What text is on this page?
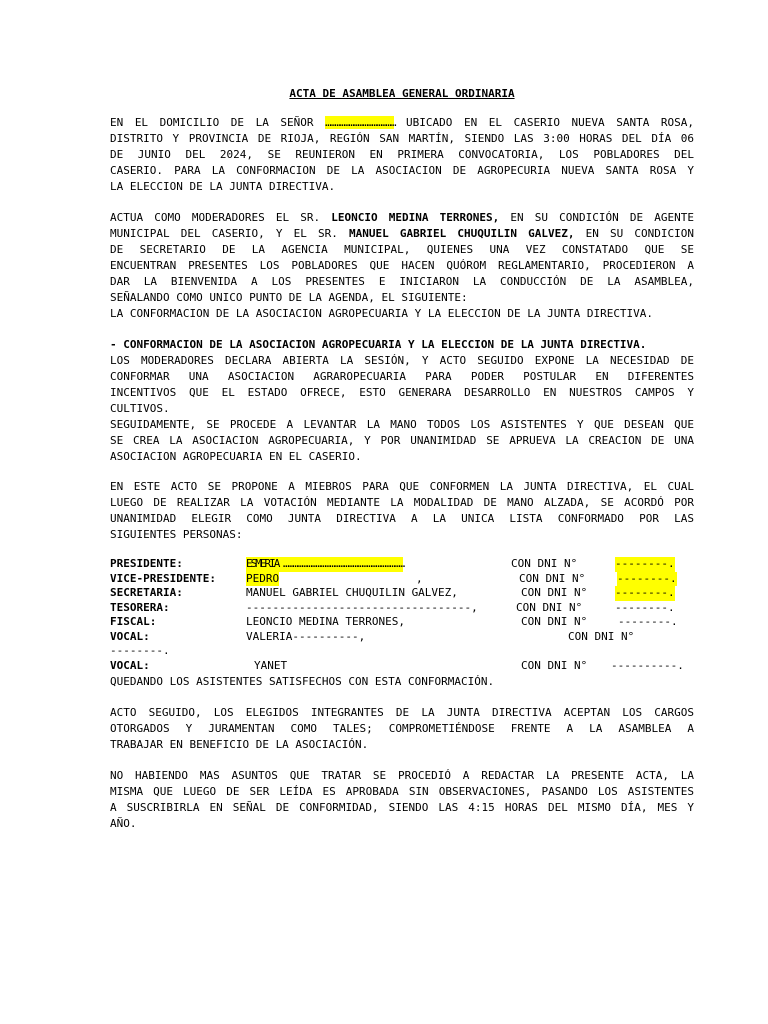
ACTA DE ASAMBLEA GENERAL ORDINARIA
EN EL DOMICILIO DE LA SEÑOR ……………………………………… UBICADO EN EL CASERIO NUEVA SANTA ROSA,
DISTRITO Y PROVINCIA DE RIOJA, REGIÓN SAN MARTÍN, SIENDO LAS 3:00 HORAS DEL DÍA 06
DE JUNIO DEL 2024, SE REUNIERON EN PRIMERA CONVOCATORIA, LOS POBLADORES DEL
CASERIO. PARA LA CONFORMACION DE LA ASOCIACION DE AGROPECURIA NUEVA SANTA ROSA Y
LA ELECCION DE LA JUNTA DIRECTIVA.
ACTUA COMO MODERADORES EL SR. LEONCIO MEDINA TERRONES, EN SU CONDICIÓN DE AGENTE
MUNICIPAL DEL CASERIO, Y EL SR. MANUEL GABRIEL CHUQUILIN GALVEZ, EN SU CONDICION
DE SECRETARIO DE LA AGENCIA MUNICIPAL, QUIENES UNA VEZ CONSTATADO QUE SE
ENCUENTRAN PRESENTES LOS POBLADORES QUE HACEN QUÓROM REGLAMENTARIO, PROCEDIERON A
DAR LA BIENVENIDA A LOS PRESENTES E INICIARON LA CONDUCCIÓN DE LA ASAMBLEA,
SEÑALANDO COMO UNICO PUNTO DE LA AGENDA, EL SIGUIENTE:
LA CONFORMACION DE LA ASOCIACION AGROPECUARIA Y LA ELECCION DE LA JUNTA DIRECTIVA.
- CONFORMACION DE LA ASOCIACION AGROPECUARIA Y LA ELECCION DE LA JUNTA DIRECTIVA.
LOS MODERADORES DECLARA ABIERTA LA SESIÓN, Y ACTO SEGUIDO EXPONE LA NECESIDAD DE
CONFORMAR UNA ASOCIACION AGRAROPECUARIA PARA PODER POSTULAR EN DIFERENTES
INCENTIVOS QUE EL ESTADO OFRECE, ESTO GENERARA DESARROLLO EN NUESTROS CAMPOS Y
CULTIVOS.
SEGUIDAMENTE, SE PROCEDE A LEVANTAR LA MANO TODOS LOS ASISTENTES Y QUE DESEAN QUE
SE CREA LA ASOCIACION AGROPECUARIA, Y POR UNANIMIDAD SE APRUEVA LA CREACION DE UNA
ASOCIACION AGROPECUARIA EN EL CASERIO.
EN ESTE ACTO SE PROPONE A MIEBROS PARA QUE CONFORMEN LA JUNTA DIRECTIVA, EL CUAL
LUEGO DE REALIZAR LA VOTACIÓN MEDIANTE LA MODALIDAD DE MANO ALZADA, SE ACORDÓ POR
UNANIMIDAD ELEGIR COMO JUNTA DIRECTIVA A LA UNICA LISTA CONFORMADO POR LAS
SIGUIENTES PERSONAS:
PRESIDENTE:	ESMERIA ……………………………………………………………………	CON DNI N°	--------.
VICE-PRESIDENTE:	PEDRO	,	CON DNI N°	--------.
SECRETARIA:	MANUEL GABRIEL CHUQUILIN GALVEZ,	CON DNI N°	--------.
TESORERA:	----------------------------------,	CON DNI N°	--------.
FISCAL:	LEONCIO MEDINA TERRONES,	CON DNI N°	--------.
VOCAL:	VALERIA----------,	CON DNI N°
--------.
VOCAL:	YANET	CON DNI N° ----------.
QUEDANDO LOS ASISTENTES SATISFECHOS CON ESTA CONFORMACIÓN.
ACTO SEGUIDO, LOS ELEGIDOS INTEGRANTES DE LA JUNTA DIRECTIVA ACEPTAN LOS CARGOS
OTORGADOS Y JURAMENTAN COMO TALES; COMPROMETIÉNDOSE FRENTE A LA ASAMBLEA A
TRABAJAR EN BENEFICIO DE LA ASOCIACIÓN.
NO HABIENDO MAS ASUNTOS QUE TRATAR SE PROCEDIÓ A REDACTAR LA PRESENTE ACTA, LA
MISMA QUE LUEGO DE SER LEÍDA ES APROBADA SIN OBSERVACIONES, PASANDO LOS ASISTENTES
A SUSCRIBIRLA EN SEÑAL DE CONFORMIDAD, SIENDO LAS 4:15 HORAS DEL MISMO DÍA, MES Y
AÑO.
